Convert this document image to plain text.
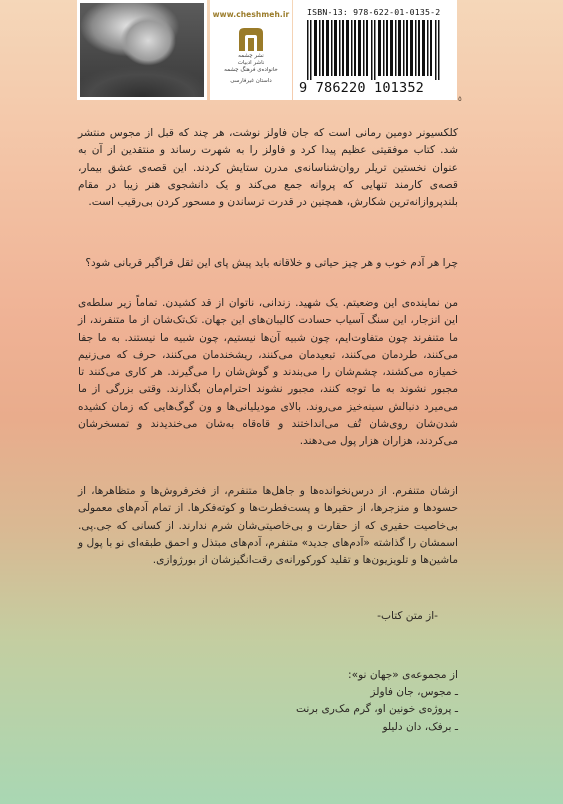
www.cheshmeh.ir
نشر چشمه
ناشر ادبیات
خانواده‌ی فرهنگ چشمه
داستان غیرفارسی
ISBN-13: 978-622-01-0135-2
9 786220 101352
٥

کلکسیونر دومین رمانی است که جان فاولز نوشت، هر چند که قبل از مجوس منتشر شد. کتاب موفقیتی عظیم پیدا کرد و فاولز را به شهرت رساند و منتقدین از آن به عنوان نخستین تریلر روان‌شناسانه‌ی مدرن ستایش کردند. این قصه‌ی عشق بیمار، قصه‌ی کارمند تنهایی که پروانه جمع می‌کند و یک دانشجوی هنر زیبا در مقام بلندپروازانه‌ترین شکارش، همچنین در قدرت ترساندن و مسحور کردن بی‌رقیب است.

چرا هر آدم خوب و هر چیز حیاتی و خلاقانه باید پیش پای این ثقل فراگیر قربانی شود؟

من نماینده‌ی این وضعیتم. یک شهید. زندانی، ناتوان از قد کشیدن. تماماً زیر سلطه‌ی این انزجار، این سنگ آسیاب حسادت کالیبان‌های این جهان. تک‌تک‌شان از ما متنفرند، از ما متنفرند چون متفاوت‌ایم، چون شبیه آن‌ها نیستیم، چون شبیه ما نیستند. به ما جفا می‌کنند، طردمان می‌کنند، تبعیدمان می‌کنند، ریشخندمان می‌کنند، حرف که می‌زنیم خمیازه می‌کشند، چشم‌شان را می‌بندند و گوش‌شان را می‌گیرند. هر کاری می‌کنند تا مجبور نشوند به ما توجه کنند، مجبور نشوند احترام‌مان بگذارند. وقتی بزرگی از ما می‌میرد دنبالش سینه‌خیز می‌روند. بالای مودیلیانی‌ها و ون گوگ‌هایی که زمان کشیده شدن‌شان روی‌شان تُف می‌انداختند و قاه‌قاه به‌شان می‌خندیدند و تمسخرشان می‌کردند، هزاران هزار پول می‌دهند.

ازشان متنفرم. از درس‌نخوانده‌ها و جاهل‌ها متنفرم، از فخرفروش‌ها و متظاهرها، از حسودها و منزجرها، از حقیرها و پست‌فطرت‌ها و کوته‌فکرها. از تمام آدم‌های معمولی بی‌خاصیت حقیری که از حقارت و بی‌خاصیتی‌شان شرم ندارند. از کسانی که جی.پی. اسمشان را گذاشته «آدم‌های جدید» متنفرم، آدم‌های مبتذل و احمق طبقه‌ای نو با پول و ماشین‌ها و تلویزیون‌ها و تقلید کورکورانه‌ی رقت‌انگیزشان از بورژوازی.

-از متن کتاب-

از مجموعه‌ی «جهان نو»:

ـ مجوس، جان فاولز
ـ پروژه‌ی خونین او، گرم مک‌ری برنت
ـ برفک، دان دلیلو
